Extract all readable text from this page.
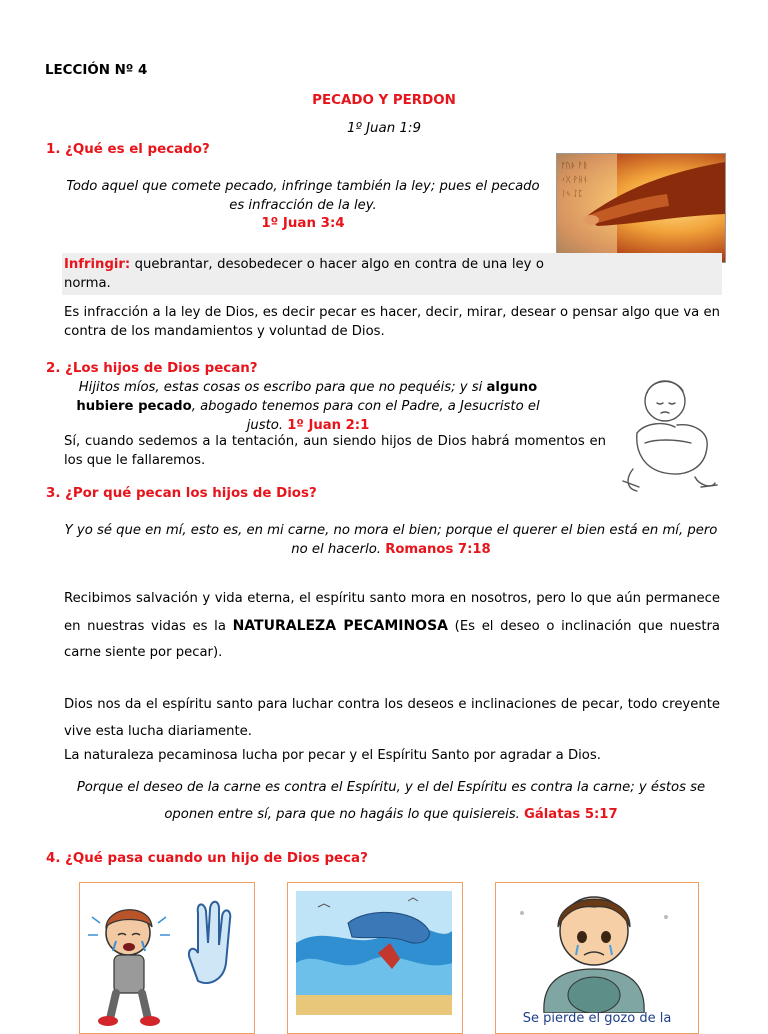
LECCIÓN Nº 4
PECADO Y PERDON
1º Juan 1:9
1. ¿Qué es el pecado?
ᚠᚢᚦ ᚨᚱ
ᚲᚷ ᚹᚺᚾ
ᛁᛃ ᛇᛈ
Todo aquel que comete pecado, infringe también la ley; pues el pecado es infracción de la ley.
1º Juan 3:4
Infringir: quebrantar, desobedecer o hacer algo en contra de una ley o norma.
Es infracción a la ley de Dios, es decir pecar es hacer, decir, mirar, desear o pensar algo que va en contra de los mandamientos y voluntad de Dios.
2. ¿Los hijos de Dios pecan?
Hijitos míos, estas cosas os escribo para que no pequéis; y si alguno hubiere pecado, abogado tenemos para con el Padre, a Jesucristo el justo. 1º Juan 2:1
Sí, cuando sedemos a la tentación, aun siendo hijos de Dios habrá momentos en los que le fallaremos.
3. ¿Por qué pecan los hijos de Dios?
Y yo sé que en mí, esto es, en mi carne, no mora el bien; porque el querer el bien está en mí, pero no el hacerlo. Romanos 7:18
Recibimos salvación y vida eterna, el espíritu santo mora en nosotros, pero lo que aún permanece en nuestras vidas es la NATURALEZA PECAMINOSA (Es el deseo o inclinación que nuestra carne siente por pecar).
Dios nos da el espíritu santo para luchar contra los deseos e inclinaciones de pecar, todo creyente vive esta lucha diariamente.
La naturaleza pecaminosa lucha por pecar y el Espíritu Santo por agradar a Dios.
Porque el deseo de la carne es contra el Espíritu, y el del Espíritu es contra la carne; y éstos se oponen entre sí, para que no hagáis lo que quisiereis. Gálatas 5:17
4. ¿Qué pasa cuando un hijo de Dios peca?
Se pierde el gozo de la
